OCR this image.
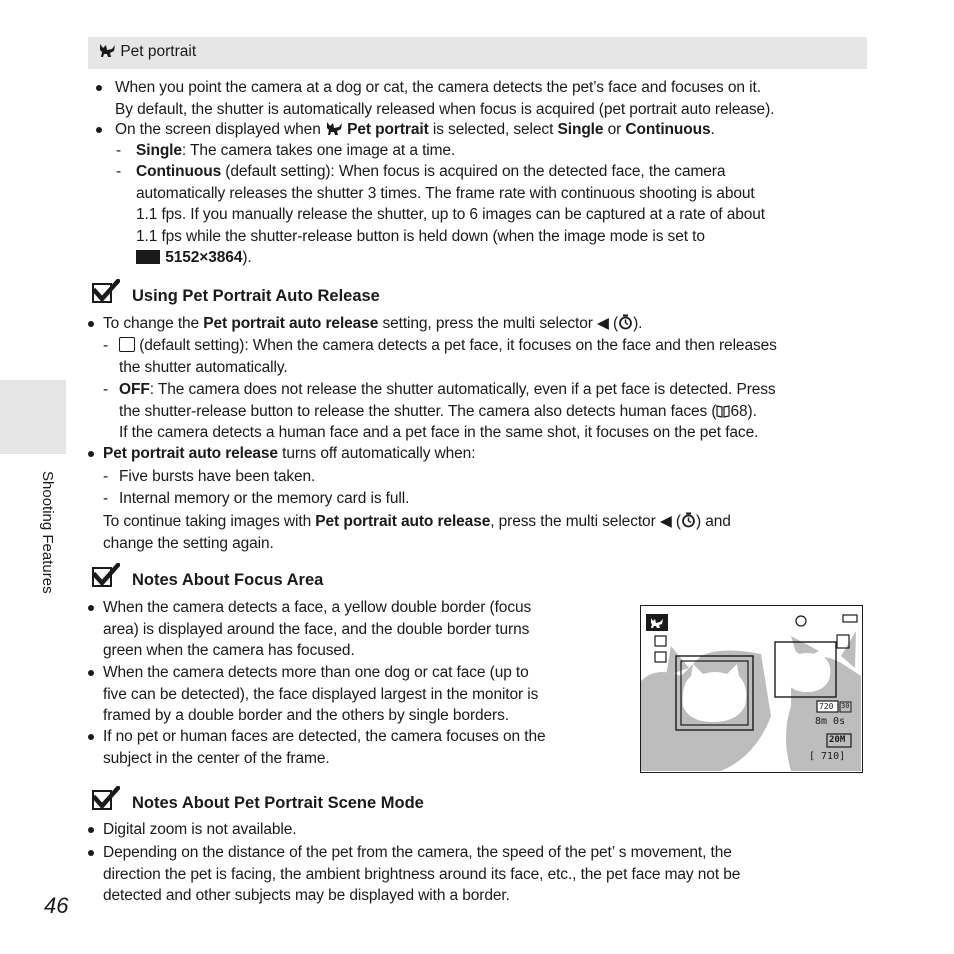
Pet portrait
When you point the camera at a dog or cat, the camera detects the pet’s face and focuses on it.
By default, the shutter is automatically released when focus is acquired (pet portrait auto release).
On the screen displayed when  Pet portrait is selected, select Single or Continuous.
- Single: The camera takes one image at a time.
- Continuous (default setting): When focus is acquired on the detected face, the camera
automatically releases the shutter 3 times. The frame rate with continuous shooting is about
1.1 fps. If you manually release the shutter, up to 6 images can be captured at a rate of about
1.1 fps while the shutter-release button is held down (when the image mode is set to
5152×3864).
Using Pet Portrait Auto Release
To change the Pet portrait auto release setting, press the multi selector ◀ ( ).
-	(default setting): When the camera detects a pet face, it focuses on the face and then releases
the shutter automatically.
- OFF: The camera does not release the shutter automatically, even if a pet face is detected. Press
the shutter-release button to release the shutter. The camera also detects human faces ( 68).
If the camera detects a human face and a pet face in the same shot, it focuses on the pet face.
Pet portrait auto release turns off automatically when:
- Five bursts have been taken.
- Internal memory or the memory card is full.
To continue taking images with Pet portrait auto release, press the multi selector ◀ ( ) and
change the setting again.
Notes About Focus Area
When the camera detects a face, a yellow double border (focus
area) is displayed around the face, and the double border turns
green when the camera has focused.
When the camera detects more than one dog or cat face (up to
five can be detected), the face displayed largest in the monitor is
framed by a double border and the others by single borders.
If no pet or human faces are detected, the camera focuses on the
subject in the center of the frame.
720 30
8m 0s
20M
[ 710]
Notes About Pet Portrait Scene Mode
Digital zoom is not available.
Depending on the distance of the pet from the camera, the speed of the pet’ s movement, the
direction the pet is facing, the ambient brightness around its face, etc., the pet face may not be
detected and other subjects may be displayed with a border.
Shooting Features
46
